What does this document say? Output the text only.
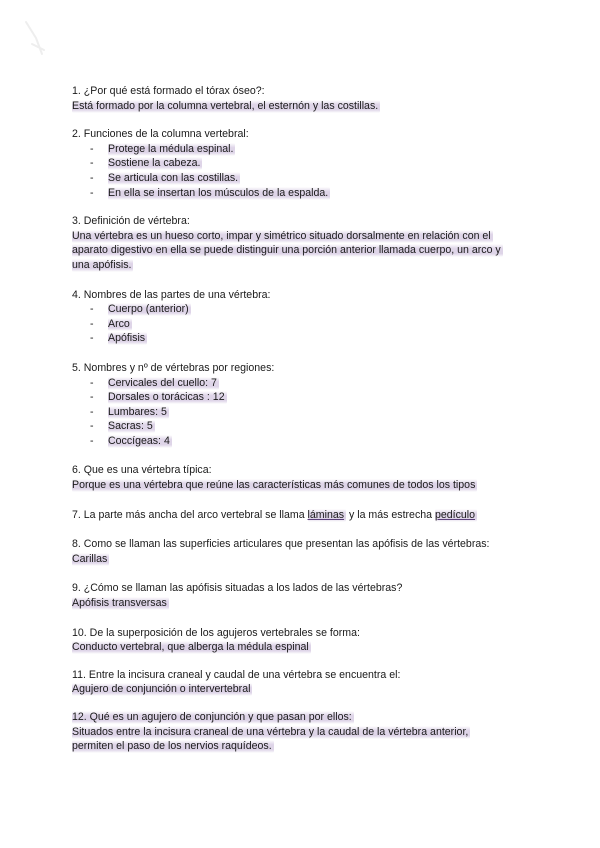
1. ¿Por qué está formado el tórax óseo?:

Está formado por la columna vertebral, el esternón y las costillas.

2. Funciones de la columna vertebral:

- Protege la médula espinal.
- Sostiene la cabeza.
- Se articula con las costillas.
- En ella se insertan los músculos de la espalda.

3. Definición de vértebra:

Una vértebra es un hueso corto, impar y simétrico situado dorsalmente en relación con el

aparato digestivo en ella se puede distinguir una porción anterior llamada cuerpo, un arco y

una apófisis.

4. Nombres de las partes de una vértebra:

- Cuerpo (anterior)
- Arco
- Apófisis

5. Nombres y nº de vértebras por regiones:

- Cervicales del cuello: 7
- Dorsales o torácicas : 12
- Lumbares: 5
- Sacras: 5
- Coccígeas: 4

6. Que es una vértebra típica:

Porque es una vértebra que reúne las características más comunes de todos los tipos

7. La parte más ancha del arco vertebral se llama láminas y la más estrecha pedículo

8. Como se llaman las superficies articulares que presentan las apófisis de las vértebras:

Carillas

9. ¿Cómo se llaman las apófisis situadas a los lados de las vértebras?

Apófisis transversas

10. De la superposición de los agujeros vertebrales se forma:

Conducto vertebral, que alberga la médula espinal

11. Entre la incisura craneal y caudal de una vértebra se encuentra el:

Agujero de conjunción o intervertebral

12. Qué es un agujero de conjunción y que pasan por ellos:

Situados entre la incisura craneal de una vértebra y la caudal de la vértebra anterior,

permiten el paso de los nervios raquídeos.
